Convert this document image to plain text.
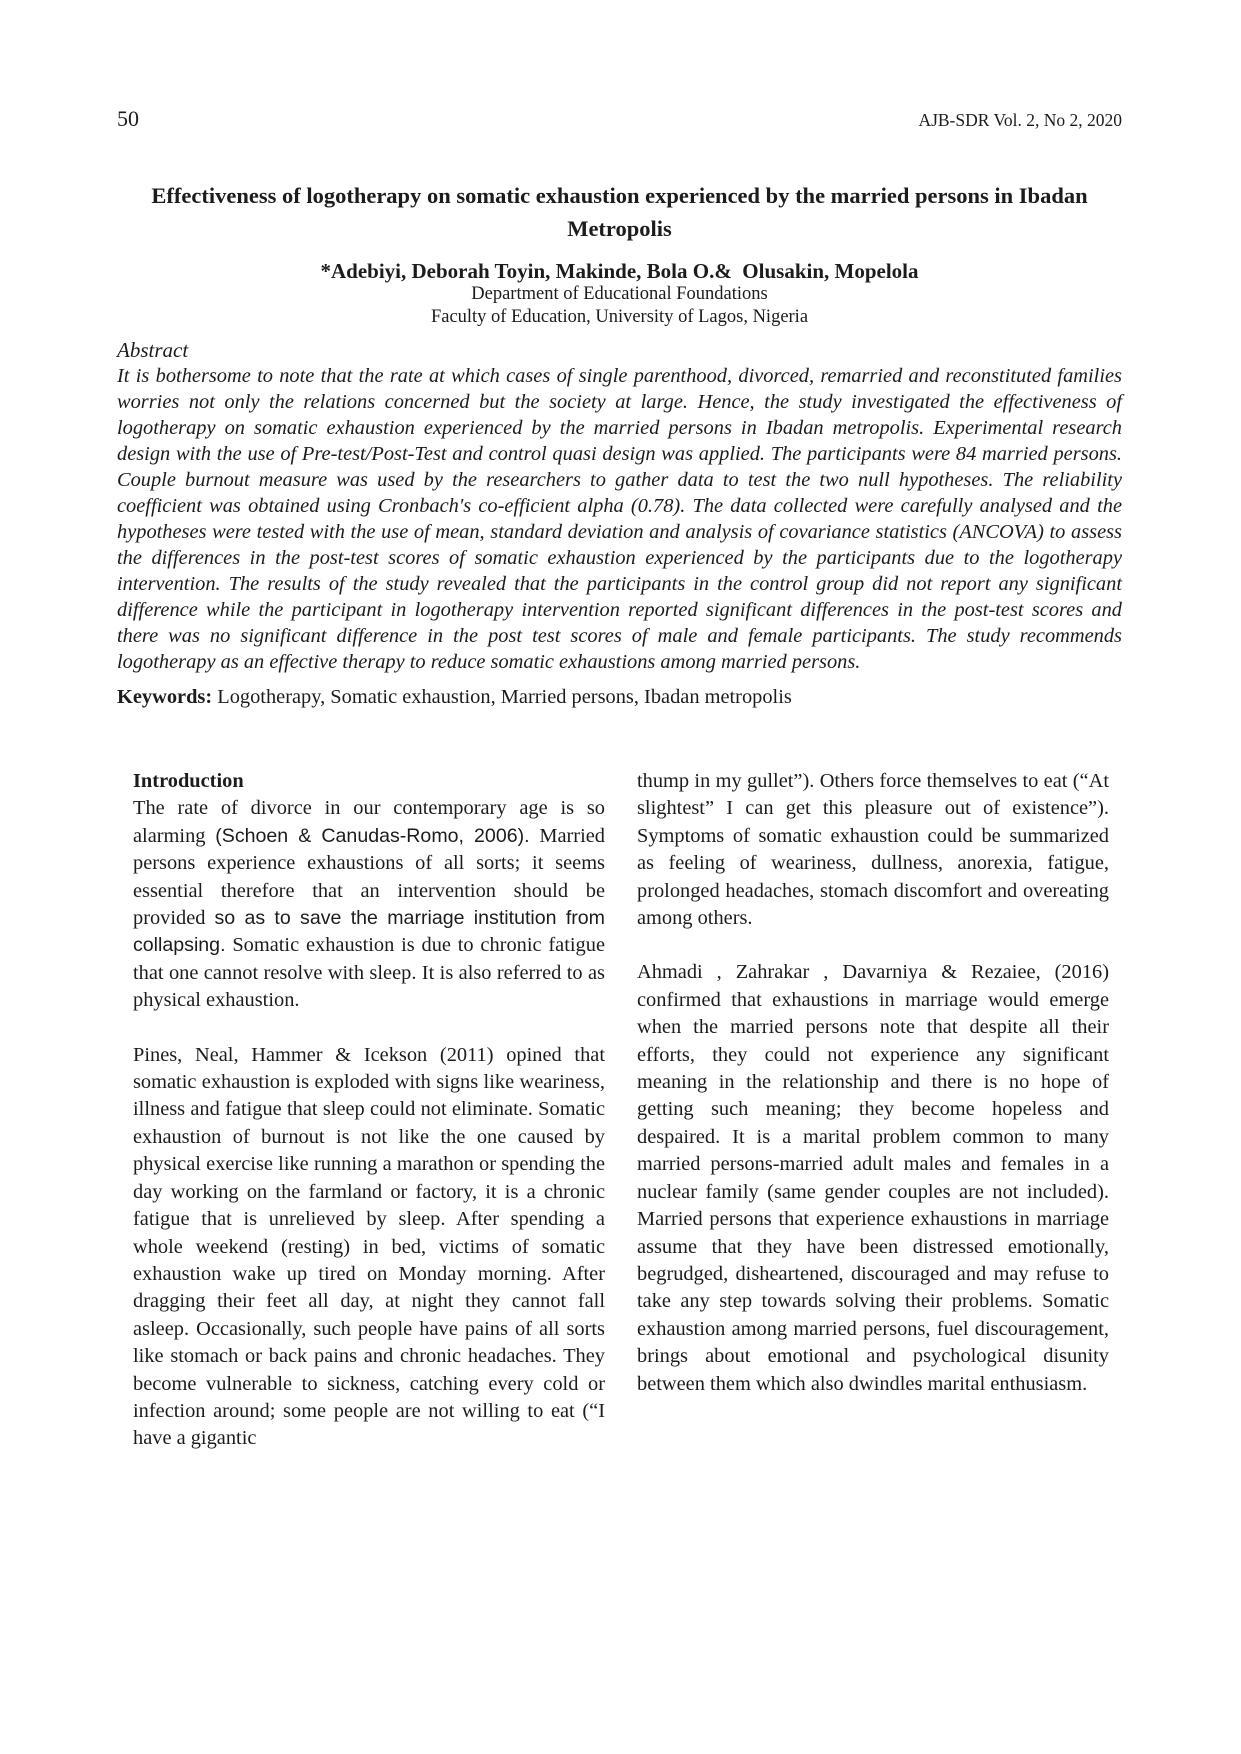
50	AJB-SDR Vol. 2, No 2, 2020
Effectiveness of logotherapy on somatic exhaustion experienced by the married persons in Ibadan Metropolis
*Adebiyi, Deborah Toyin, Makinde, Bola O.&  Olusakin, Mopelola
Department of Educational Foundations
Faculty of Education, University of Lagos, Nigeria
Abstract
It is bothersome to note that the rate at which cases of single parenthood, divorced, remarried and reconstituted families worries not only the relations concerned but the society at large. Hence, the study investigated the effectiveness of logotherapy on somatic exhaustion experienced by the married persons in Ibadan metropolis. Experimental research design with the use of Pre-test/Post-Test and control quasi design was applied. The participants were 84 married persons. Couple burnout measure was used by the researchers to gather data to test the two null hypotheses. The reliability coefficient was obtained using Cronbach's co-efficient alpha (0.78). The data collected were carefully analysed and the hypotheses were tested with the use of mean, standard deviation and analysis of covariance statistics (ANCOVA) to assess the differences in the post-test scores of somatic exhaustion experienced by the participants due to the logotherapy intervention. The results of the study revealed that the participants in the control group did not report any significant difference while the participant in logotherapy intervention reported significant differences in the post-test scores and there was no significant difference in the post test scores of male and female participants. The study recommends logotherapy as an effective therapy to reduce somatic exhaustions among married persons.
Keywords: Logotherapy, Somatic exhaustion, Married persons, Ibadan metropolis
Introduction

The rate of divorce in our contemporary age is so alarming (Schoen & Canudas-Romo, 2006). Married persons experience exhaustions of all sorts; it seems essential therefore that an intervention should be provided so as to save the marriage institution from collapsing. Somatic exhaustion is due to chronic fatigue that one cannot resolve with sleep. It is also referred to as physical exhaustion.

Pines, Neal, Hammer & Icekson (2011) opined that somatic exhaustion is exploded with signs like weariness, illness and fatigue that sleep could not eliminate. Somatic exhaustion of burnout is not like the one caused by physical exercise like running a marathon or spending the day working on the farmland or factory, it is a chronic fatigue that is unrelieved by sleep. After spending a whole weekend (resting) in bed, victims of somatic exhaustion wake up tired on Monday morning. After dragging their feet all day, at night they cannot fall asleep. Occasionally, such people have pains of all sorts like stomach or back pains and chronic headaches. They become vulnerable to sickness, catching every cold or infection around; some people are not willing to eat (“I have a gigantic

thump in my gullet”). Others force themselves to eat (“At slightest” I can get this pleasure out of existence”). Symptoms of somatic exhaustion could be summarized as feeling of weariness, dullness, anorexia, fatigue, prolonged headaches, stomach discomfort and overeating among others.

Ahmadi , Zahrakar , Davarniya & Rezaiee, (2016) confirmed that exhaustions in marriage would emerge when the married persons note that despite all their efforts, they could not experience any significant meaning in the relationship and there is no hope of getting such meaning; they become hopeless and despaired. It is a marital problem common to many married persons-married adult males and females in a nuclear family (same gender couples are not included). Married persons that experience exhaustions in marriage assume that they have been distressed emotionally, begrudged, disheartened, discouraged and may refuse to take any step towards solving their problems. Somatic exhaustion among married persons, fuel discouragement, brings about emotional and psychological disunity between them which also dwindles marital enthusiasm.
